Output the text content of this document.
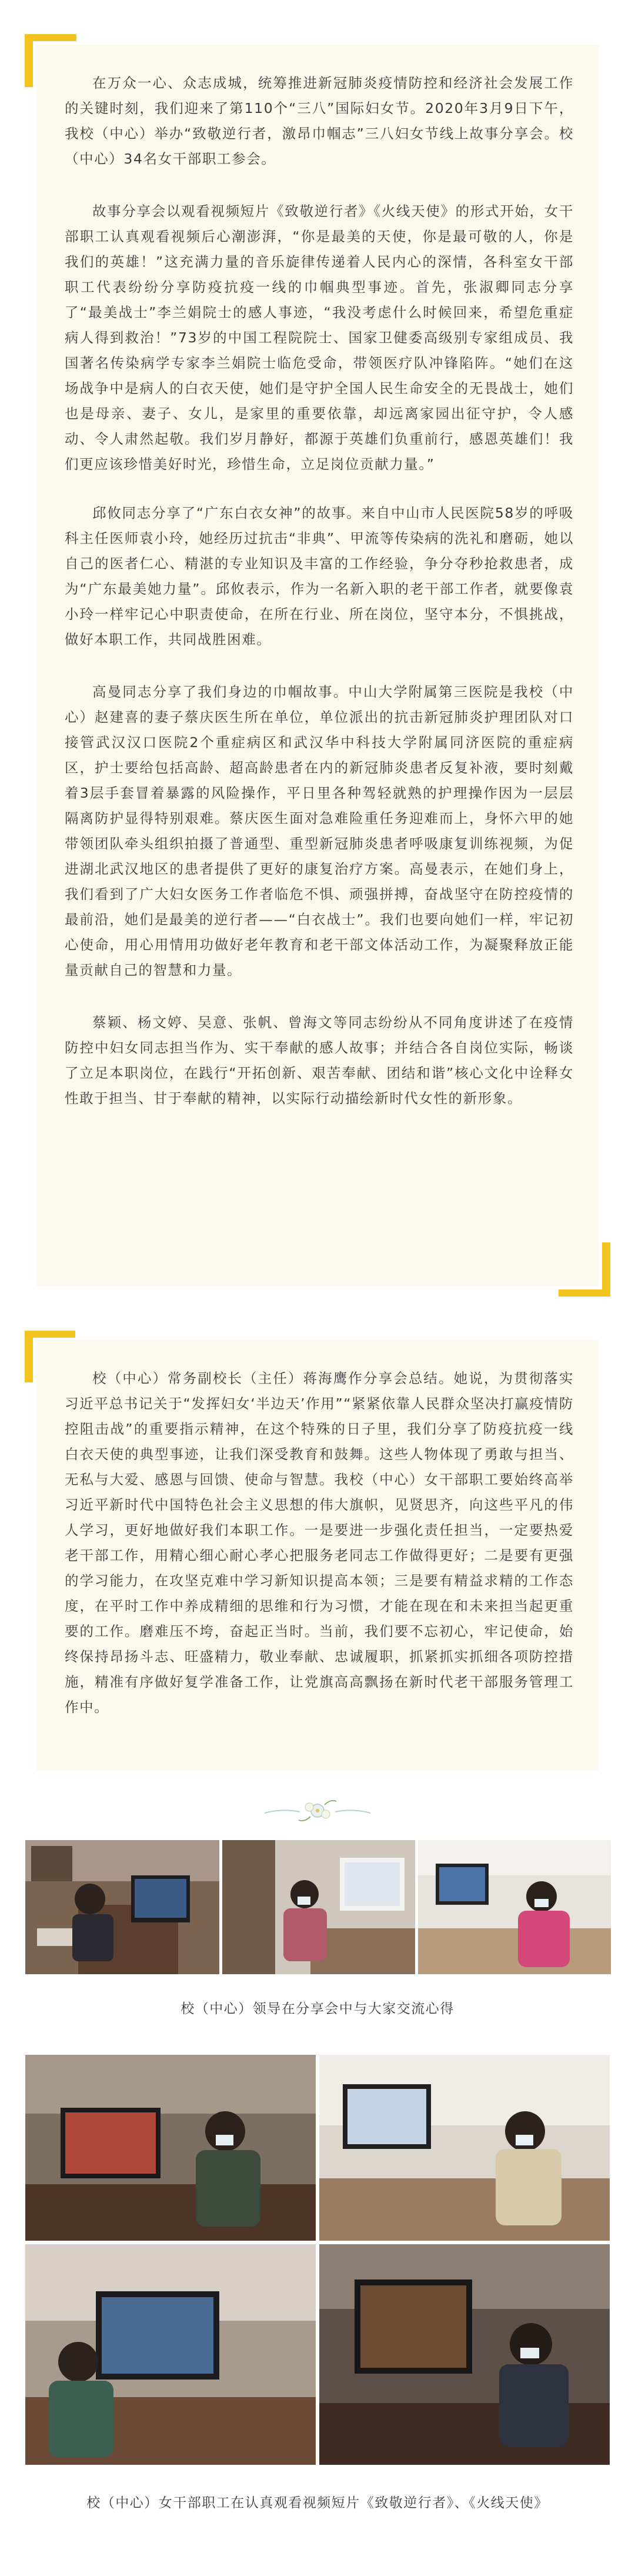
在万众一心、众志成城，统筹推进新冠肺炎疫情防控和经济社会发展工作的关键时刻，我们迎来了第110个“三八”国际妇女节。2020年3月9日下午，我校（中心）举办“致敬逆行者，激昂巾帼志”三八妇女节线上故事分享会。校（中心）34名女干部职工参会。

故事分享会以观看视频短片《致敬逆行者》《火线天使》的形式开始，女干部职工认真观看视频后心潮澎湃，“你是最美的天使，你是最可敬的人，你是我们的英雄！”这充满力量的音乐旋律传递着人民内心的深情，各科室女干部职工代表纷纷分享防疫抗疫一线的巾帼典型事迹。首先，张淑卿同志分享了“最美战士”李兰娟院士的感人事迹，“我没考虑什么时候回来，希望危重症病人得到救治！”73岁的中国工程院院士、国家卫健委高级别专家组成员、我国著名传染病学专家李兰娟院士临危受命，带领医疗队冲锋陷阵。“她们在这场战争中是病人的白衣天使，她们是守护全国人民生命安全的无畏战士，她们也是母亲、妻子、女儿，是家里的重要依靠，却远离家园出征守护，令人感动、令人肃然起敬。我们岁月静好，都源于英雄们负重前行，感恩英雄们！我们更应该珍惜美好时光，珍惜生命，立足岗位贡献力量。”

邱攸同志分享了“广东白衣女神”的故事。来自中山市人民医院58岁的呼吸科主任医师袁小玲，她经历过抗击“非典”、甲流等传染病的洗礼和磨砺，她以自己的医者仁心、精湛的专业知识及丰富的工作经验，争分夺秒抢救患者，成为“广东最美她力量”。邱攸表示，作为一名新入职的老干部工作者，就要像袁小玲一样牢记心中职责使命，在所在行业、所在岗位，坚守本分，不惧挑战，做好本职工作，共同战胜困难。

高曼同志分享了我们身边的巾帼故事。中山大学附属第三医院是我校（中心）赵建喜的妻子蔡庆医生所在单位，单位派出的抗击新冠肺炎护理团队对口接管武汉汉口医院2个重症病区和武汉华中科技大学附属同济医院的重症病区，护士要给包括高龄、超高龄患者在内的新冠肺炎患者反复补液，要时刻戴着3层手套冒着暴露的风险操作，平日里各种驾轻就熟的护理操作因为一层层隔离防护显得特别艰难。蔡庆医生面对急难险重任务迎难而上，身怀六甲的她带领团队牵头组织拍摄了普通型、重型新冠肺炎患者呼吸康复训练视频，为促进湖北武汉地区的患者提供了更好的康复治疗方案。高曼表示，在她们身上，我们看到了广大妇女医务工作者临危不惧、顽强拼搏，奋战坚守在防控疫情的最前沿，她们是最美的逆行者——“白衣战士”。我们也要向她们一样，牢记初心使命，用心用情用功做好老年教育和老干部文体活动工作，为凝聚释放正能量贡献自己的智慧和力量。

蔡颖、杨文婷、吴意、张帆、曾海文等同志纷纷从不同角度讲述了在疫情防控中妇女同志担当作为、实干奉献的感人故事；并结合各自岗位实际，畅谈了立足本职岗位，在践行“开拓创新、艰苦奉献、团结和谐”核心文化中诠释女性敢于担当、甘于奉献的精神，以实际行动描绘新时代女性的新形象。

校（中心）常务副校长（主任）蒋海鹰作分享会总结。她说，为贯彻落实习近平总书记关于“发挥妇女‘半边天’作用”“紧紧依靠人民群众坚决打赢疫情防控阻击战”的重要指示精神，在这个特殊的日子里，我们分享了防疫抗疫一线白衣天使的典型事迹，让我们深受教育和鼓舞。这些人物体现了勇敢与担当、无私与大爱、感恩与回馈、使命与智慧。我校（中心）女干部职工要始终高举习近平新时代中国特色社会主义思想的伟大旗帜，见贤思齐，向这些平凡的伟人学习，更好地做好我们本职工作。一是要进一步强化责任担当，一定要热爱老干部工作，用精心细心耐心孝心把服务老同志工作做得更好；二是要有更强的学习能力，在攻坚克难中学习新知识提高本领；三是要有精益求精的工作态度，在平时工作中养成精细的思维和行为习惯，才能在现在和未来担当起更重要的工作。磨难压不垮，奋起正当时。当前，我们要不忘初心，牢记使命，始终保持昂扬斗志、旺盛精力，敬业奉献、忠诚履职，抓紧抓实抓细各项防控措施，精准有序做好复学准备工作，让党旗高高飘扬在新时代老干部服务管理工作中。

校（中心）领导在分享会中与大家交流心得
校（中心）女干部职工在认真观看视频短片《致敬逆行者》、《火线天使》
